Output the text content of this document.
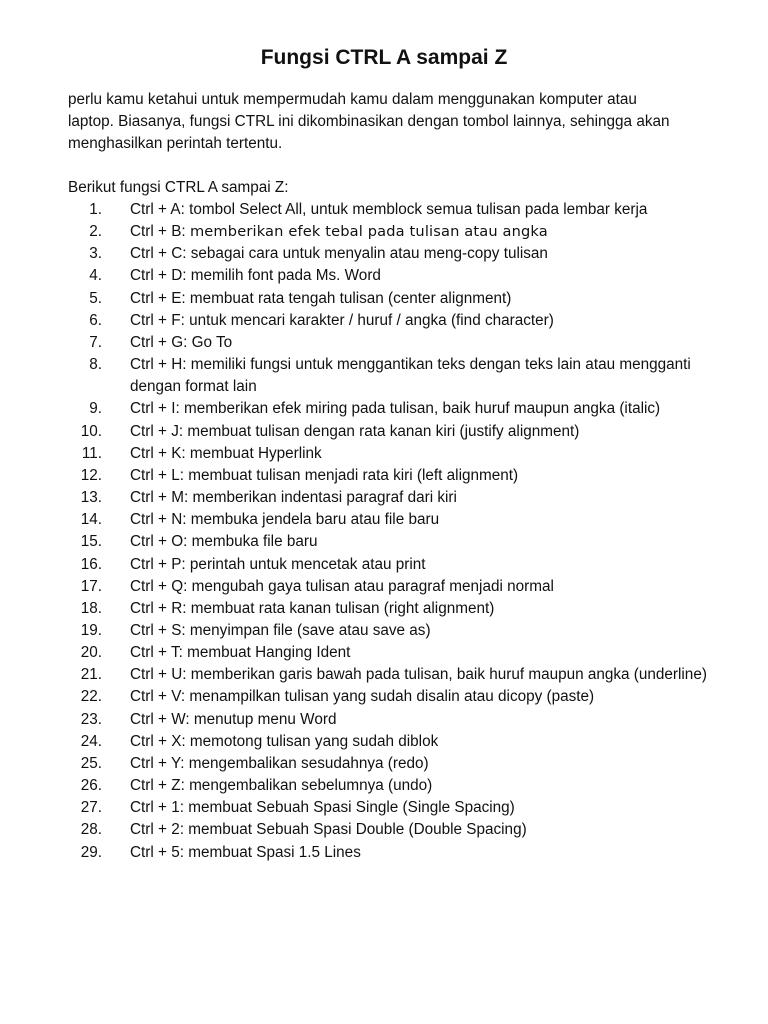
Fungsi CTRL A sampai Z

perlu kamu ketahui untuk mempermudah kamu dalam menggunakan komputer atau
laptop. Biasanya, fungsi CTRL ini dikombinasikan dengan tombol lainnya, sehingga akan
menghasilkan perintah tertentu.

Berikut fungsi CTRL A sampai Z:

1.	Ctrl + A: tombol Select All, untuk memblock semua tulisan pada lembar kerja
2.	Ctrl + B: memberikan efek tebal pada tulisan atau angka
3.	Ctrl + C: sebagai cara untuk menyalin atau meng-copy tulisan
4.	Ctrl + D: memilih font pada Ms. Word
5.	Ctrl + E: membuat rata tengah tulisan (center alignment)
6.	Ctrl + F: untuk mencari karakter / huruf / angka (find character)
7.	Ctrl + G: Go To
8.	Ctrl + H: memiliki fungsi untuk menggantikan teks dengan teks lain atau mengganti dengan format lain
9.	Ctrl + I: memberikan efek miring pada tulisan, baik huruf maupun angka (italic)
10.	Ctrl + J: membuat tulisan dengan rata kanan kiri (justify alignment)
11.	Ctrl + K: membuat Hyperlink
12.	Ctrl + L: membuat tulisan menjadi rata kiri (left alignment)
13.	Ctrl + M: memberikan indentasi paragraf dari kiri
14.	Ctrl + N: membuka jendela baru atau file baru
15.	Ctrl + O: membuka file baru
16.	Ctrl + P: perintah untuk mencetak atau print
17.	Ctrl + Q: mengubah gaya tulisan atau paragraf menjadi normal
18.	Ctrl + R: membuat rata kanan tulisan (right alignment)
19.	Ctrl + S: menyimpan file (save atau save as)
20.	Ctrl + T: membuat Hanging Ident
21.	Ctrl + U: memberikan garis bawah pada tulisan, baik huruf maupun angka (underline)
22.	Ctrl + V: menampilkan tulisan yang sudah disalin atau dicopy (paste)
23.	Ctrl + W: menutup menu Word
24.	Ctrl + X: memotong tulisan yang sudah diblok
25.	Ctrl + Y: mengembalikan sesudahnya (redo)
26.	Ctrl + Z: mengembalikan sebelumnya (undo)
27.	Ctrl + 1: membuat Sebuah Spasi Single (Single Spacing)
28.	Ctrl + 2: membuat Sebuah Spasi Double (Double Spacing)
29.	Ctrl + 5: membuat Spasi 1.5 Lines
